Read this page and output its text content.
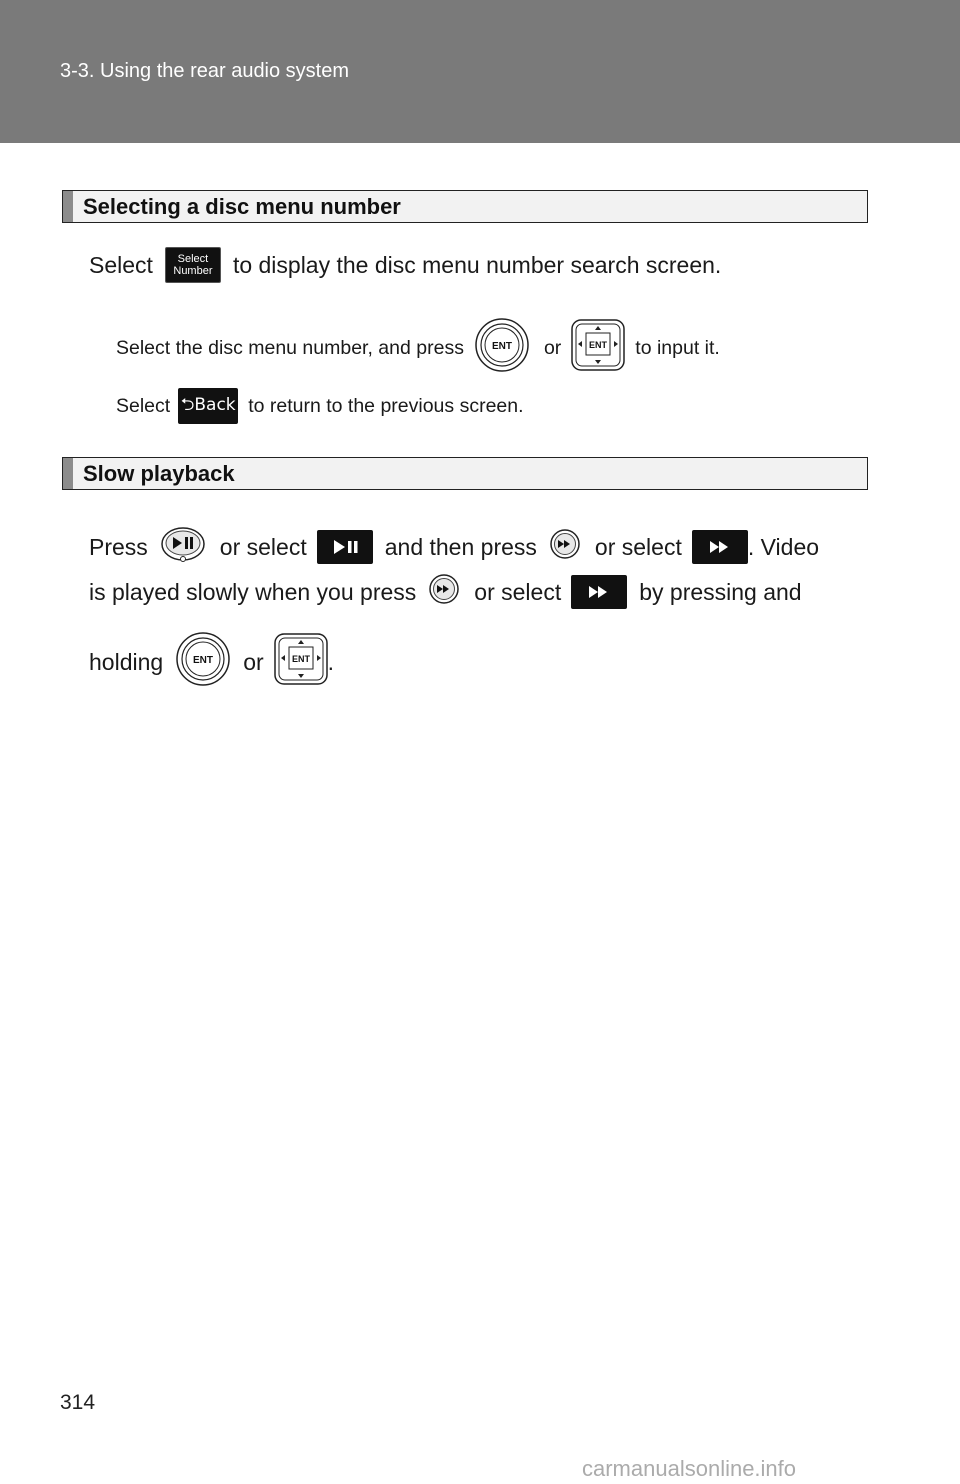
3-3. Using the rear audio system
Selecting a disc menu number
Select Select
Number to display the disc menu number search screen.
Select the disc menu number, and press	ENT or	ENT to input it.
Select ⮌Back to return to the previous screen.
Slow playback
Press	or select	and then press	or select	. Video
is played slowly when you press	or select	by pressing and
holding	ENT or	ENT .
314
carmanualsonline.info
